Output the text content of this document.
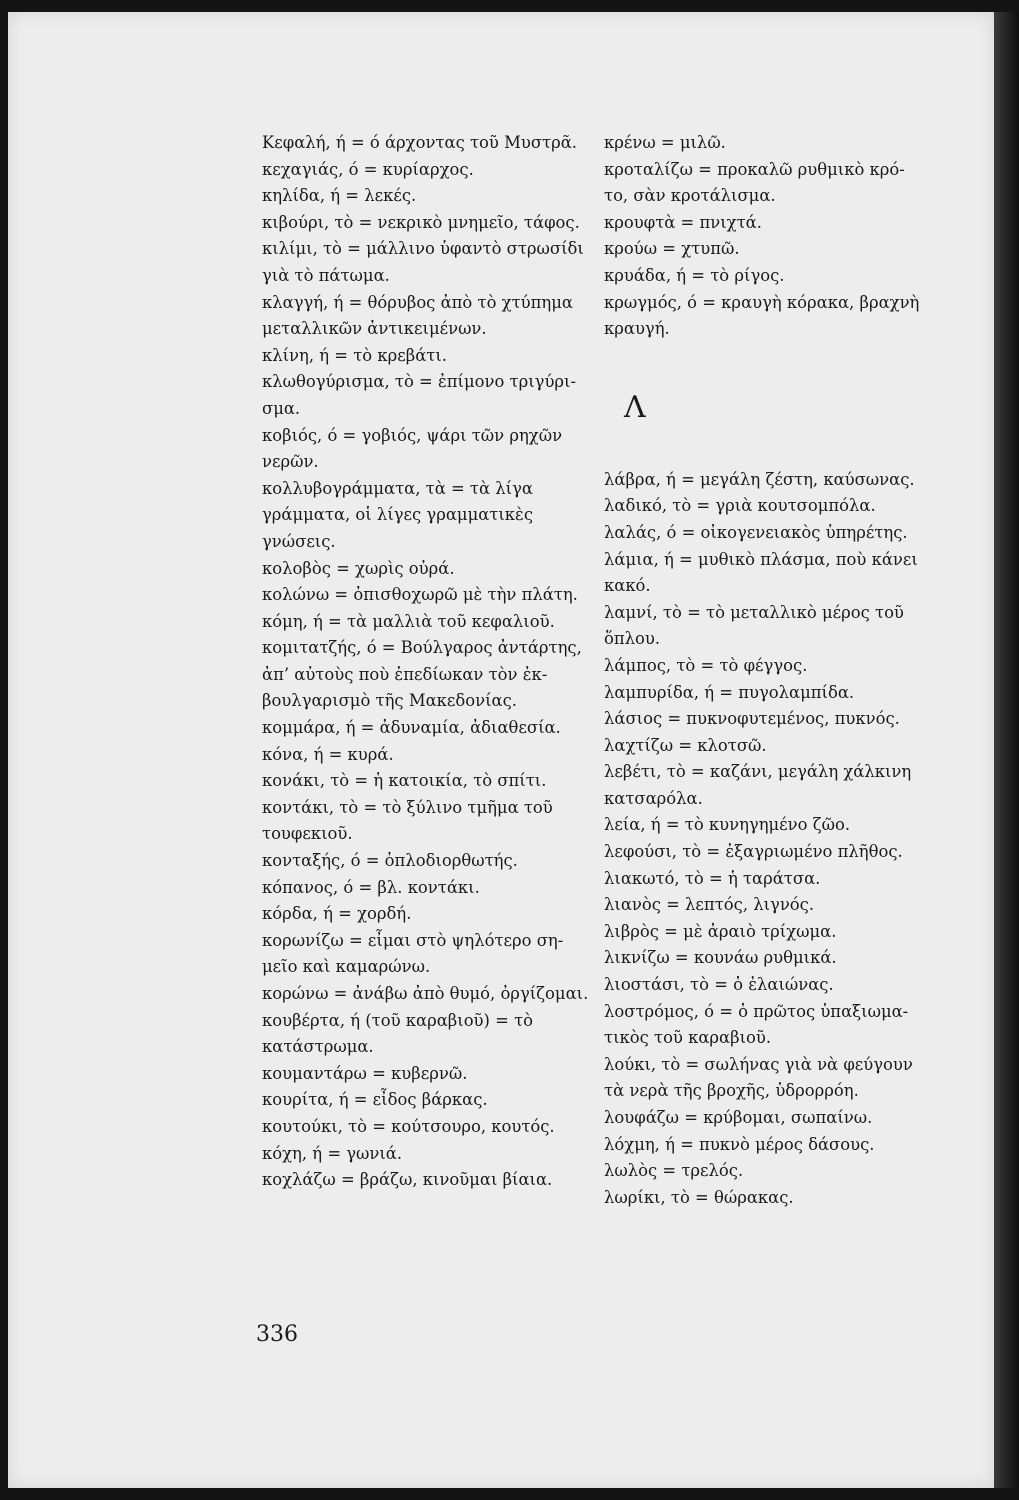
Κεφαλή, ή = ό άρχοντας τοῦ Μυστρᾶ.
κεχαγιάς, ό = κυρίαρχος.
κηλίδα, ή = λεκές.
κιβούρι, τὸ = νεκρικὸ μνημεῖο, τάφος.
κιλίμι, τὸ = μάλλινο ὑφαντὸ στρωσίδι
γιὰ τὸ πάτωμα.
κλαγγή, ή = θόρυβος ἀπὸ τὸ χτύπημα
μεταλλικῶν ἀντικειμένων.
κλίνη, ή = τὸ κρεβάτι.
κλωθογύρισμα, τὸ = ἐπίμονο τριγύρι-
σμα.
κοβιός, ό = γοβιός, ψάρι τῶν ρηχῶν
νερῶν.
κολλυβογράμματα, τὰ = τὰ λίγα
γράμματα, οἱ λίγες γραμματικὲς
γνώσεις.
κολοβὸς = χωρὶς οὐρά.
κολώνω = ὀπισθοχωρῶ μὲ τὴν πλάτη.
κόμη, ή = τὰ μαλλιὰ τοῦ κεφαλιοῦ.
κομιτατζής, ό = Βούλγαρος ἀντάρτης,
ἀπ’ αὐτοὺς ποὺ ἐπεδίωκαν τὸν ἐκ-
βουλγαρισμὸ τῆς Μακεδονίας.
κομμάρα, ή = ἀδυναμία, ἀδιαθεσία.
κόνα, ή = κυρά.
κονάκι, τὸ = ἡ κατοικία, τὸ σπίτι.
κοντάκι, τὸ = τὸ ξύλινο τμῆμα τοῦ
τουφεκιοῦ.
κονταξής, ό = ὁπλοδιορθωτής.
κόπανος, ό = βλ. κοντάκι.
κόρδα, ή = χορδή.
κορωνίζω = εἶμαι στὸ ψηλότερο ση-
μεῖο καὶ καμαρώνω.
κορώνω = ἀνάβω ἀπὸ θυμό, ὀργίζομαι.
κουβέρτα, ή (τοῦ καραβιοῦ) = τὸ
κατάστρωμα.
κουμαντάρω = κυβερνῶ.
κουρίτα, ή = εἶδος βάρκας.
κουτούκι, τὸ = κούτσουρο, κουτός.
κόχη, ή = γωνιά.
κοχλάζω = βράζω, κινοῦμαι βίαια.
κρένω = μιλῶ.
κροταλίζω = προκαλῶ ρυθμικὸ κρό-
το, σὰν κροτάλισμα.
κρουφτὰ = πνιχτά.
κρούω = χτυπῶ.
κρυάδα, ή = τὸ ρίγος.
κρωγμός, ό = κραυγὴ κόρακα, βραχνὴ
κραυγή.
Λ
λάβρα, ή = μεγάλη ζέστη, καύσωνας.
λαδικό, τὸ = γριὰ κουτσομπόλα.
λαλάς, ό = οἰκογενειακὸς ὑπηρέτης.
λάμια, ή = μυθικὸ πλάσμα, ποὺ κάνει
κακό.
λαμνί, τὸ = τὸ μεταλλικὸ μέρος τοῦ
ὅπλου.
λάμπος, τὸ = τὸ φέγγος.
λαμπυρίδα, ή = πυγολαμπίδα.
λάσιος = πυκνοφυτεμένος, πυκνός.
λαχτίζω = κλοτσῶ.
λεβέτι, τὸ = καζάνι, μεγάλη χάλκινη
κατσαρόλα.
λεία, ή = τὸ κυνηγημένο ζῶο.
λεφούσι, τὸ = ἐξαγριωμένο πλῆθος.
λιακωτό, τὸ = ἡ ταράτσα.
λιανὸς = λεπτός, λιγνός.
λιβρὸς = μὲ ἀραιὸ τρίχωμα.
λικνίζω = κουνάω ρυθμικά.
λιοστάσι, τὸ = ὁ ἐλαιώνας.
λοστρόμος, ό = ὁ πρῶτος ὑπαξιωμα-
τικὸς τοῦ καραβιοῦ.
λούκι, τὸ = σωλήνας γιὰ νὰ φεύγουν
τὰ νερὰ τῆς βροχῆς, ὑδρορρόη.
λουφάζω = κρύβομαι, σωπαίνω.
λόχμη, ή = πυκνὸ μέρος δάσους.
λωλὸς = τρελός.
λωρίκι, τὸ = θώρακας.
336
